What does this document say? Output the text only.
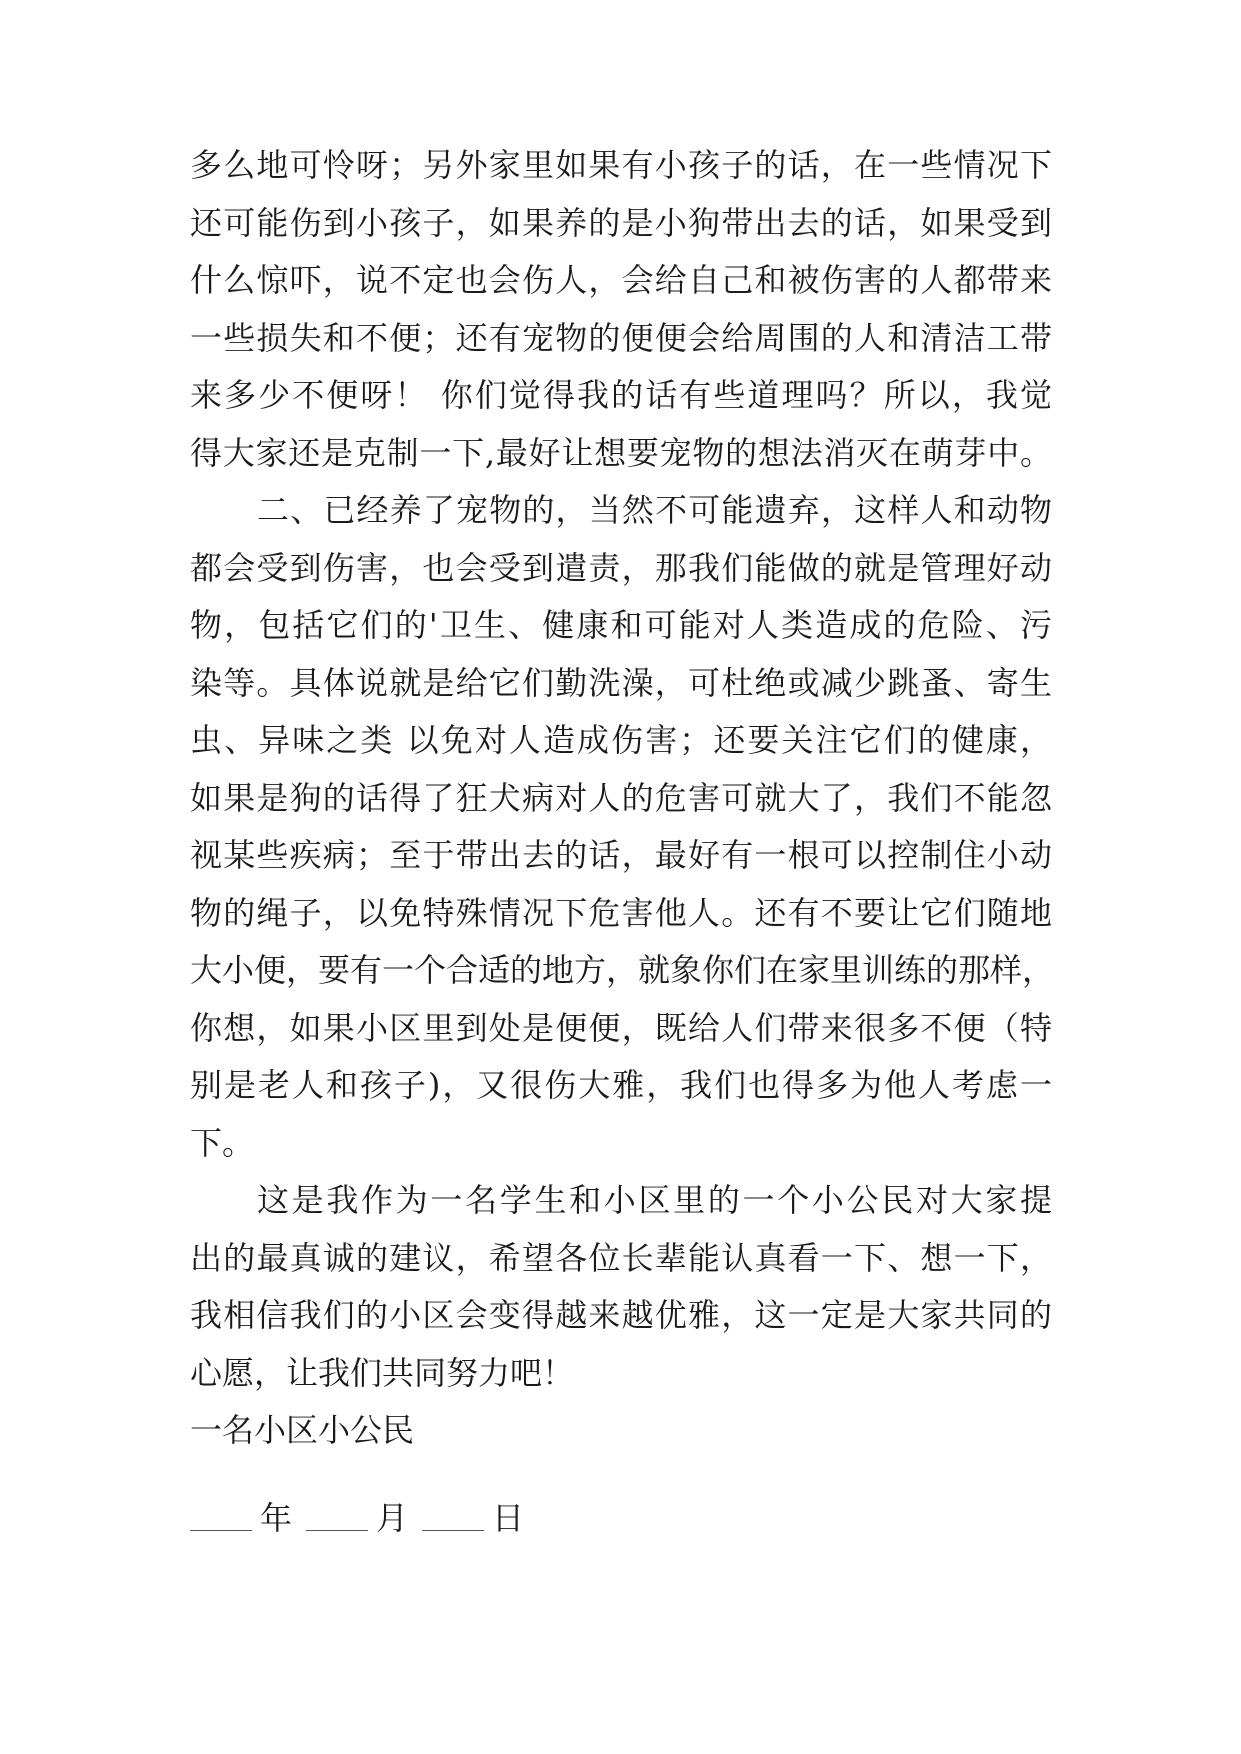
多么地可怜呀；另外家里如果有小孩子的话，在一些情况下
还可能伤到小孩子，如果养的是小狗带出去的话，如果受到
什么惊吓，说不定也会伤人，会给自己和被伤害的人都带来
一些损失和不便；还有宠物的便便会给周围的人和清洁工带
来多少不便呀！ 你们觉得我的话有些道理吗？所以，我觉
得大家还是克制一下,最好让想要宠物的想法消灭在萌芽中。
二、已经养了宠物的，当然不可能遗弃，这样人和动物
都会受到伤害，也会受到遣责，那我们能做的就是管理好动
物，包括它们的'卫生、健康和可能对人类造成的危险、污
染等。具体说就是给它们勤洗澡，可杜绝或减少跳蚤、寄生
虫、异味之类 以免对人造成伤害；还要关注它们的健康，
如果是狗的话得了狂犬病对人的危害可就大了，我们不能忽
视某些疾病；至于带出去的话，最好有一根可以控制住小动
物的绳子，以免特殊情况下危害他人。还有不要让它们随地
大小便，要有一个合适的地方，就象你们在家里训练的那样，
你想，如果小区里到处是便便，既给人们带来很多不便（特
别是老人和孩子)，又很伤大雅，我们也得多为他人考虑一
下。
这是我作为一名学生和小区里的一个小公民对大家提
出的最真诚的建议，希望各位长辈能认真看一下、想一下，
我相信我们的小区会变得越来越优雅，这一定是大家共同的
心愿，让我们共同努力吧！
一名小区小公民
年	月	日
